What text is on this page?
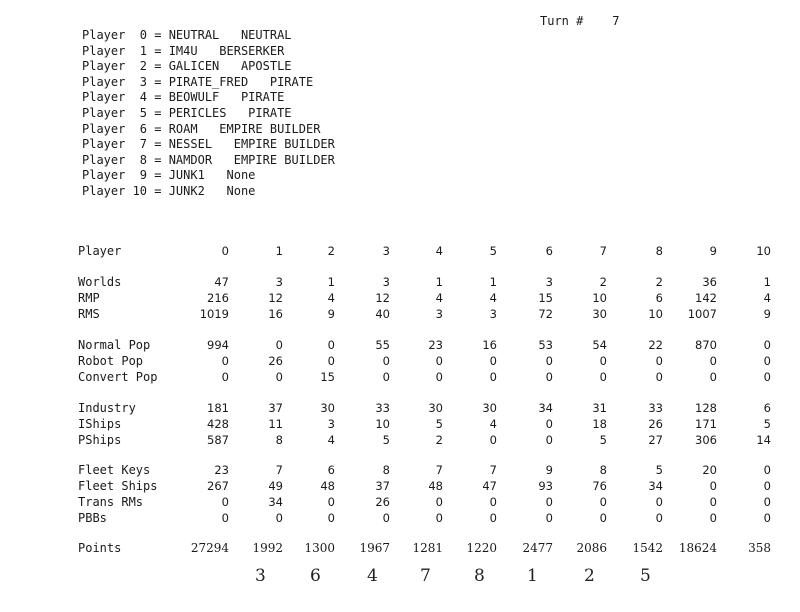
Turn # 7
Player  0 = NEUTRAL   NEUTRAL
Player  1 = IM4U   BERSERKER
Player  2 = GALICEN   APOSTLE
Player  3 = PIRATE_FRED   PIRATE
Player  4 = BEOWULF   PIRATE
Player  5 = PERICLES   PIRATE
Player  6 = ROAM   EMPIRE BUILDER
Player  7 = NESSEL   EMPIRE BUILDER
Player  8 = NAMDOR   EMPIRE BUILDER
Player  9 = JUNK1   None
Player 10 = JUNK2   None
Player	0	1	2	3	4	5	6	7	8	9	10
Worlds	47	3	1	3	1	1	3	2	2	36	1
RMP	216	12	4	12	4	4	15	10	6	142	4
RMS	1019	16	9	40	3	3	72	30	10	1007	9
Normal Pop	994	0	0	55	23	16	53	54	22	870	0
Robot Pop	0	26	0	0	0	0	0	0	0	0	0
Convert Pop	0	0	15	0	0	0	0	0	0	0	0
Industry	181	37	30	33	30	30	34	31	33	128	6
IShips	428	11	3	10	5	4	0	18	26	171	5
PShips	587	8	4	5	2	0	0	5	27	306	14
Fleet Keys	23	7	6	8	7	7	9	8	5	20	0
Fleet Ships	267	49	48	37	48	47	93	76	34	0	0
Trans RMs	0	34	0	26	0	0	0	0	0	0	0
PBBs	0	0	0	0	0	0	0	0	0	0	0
Points	27294	1992	1300	1967	1281	1220	2477	2086	1542	18624	358
3	6	4 7	8 1	2	5
